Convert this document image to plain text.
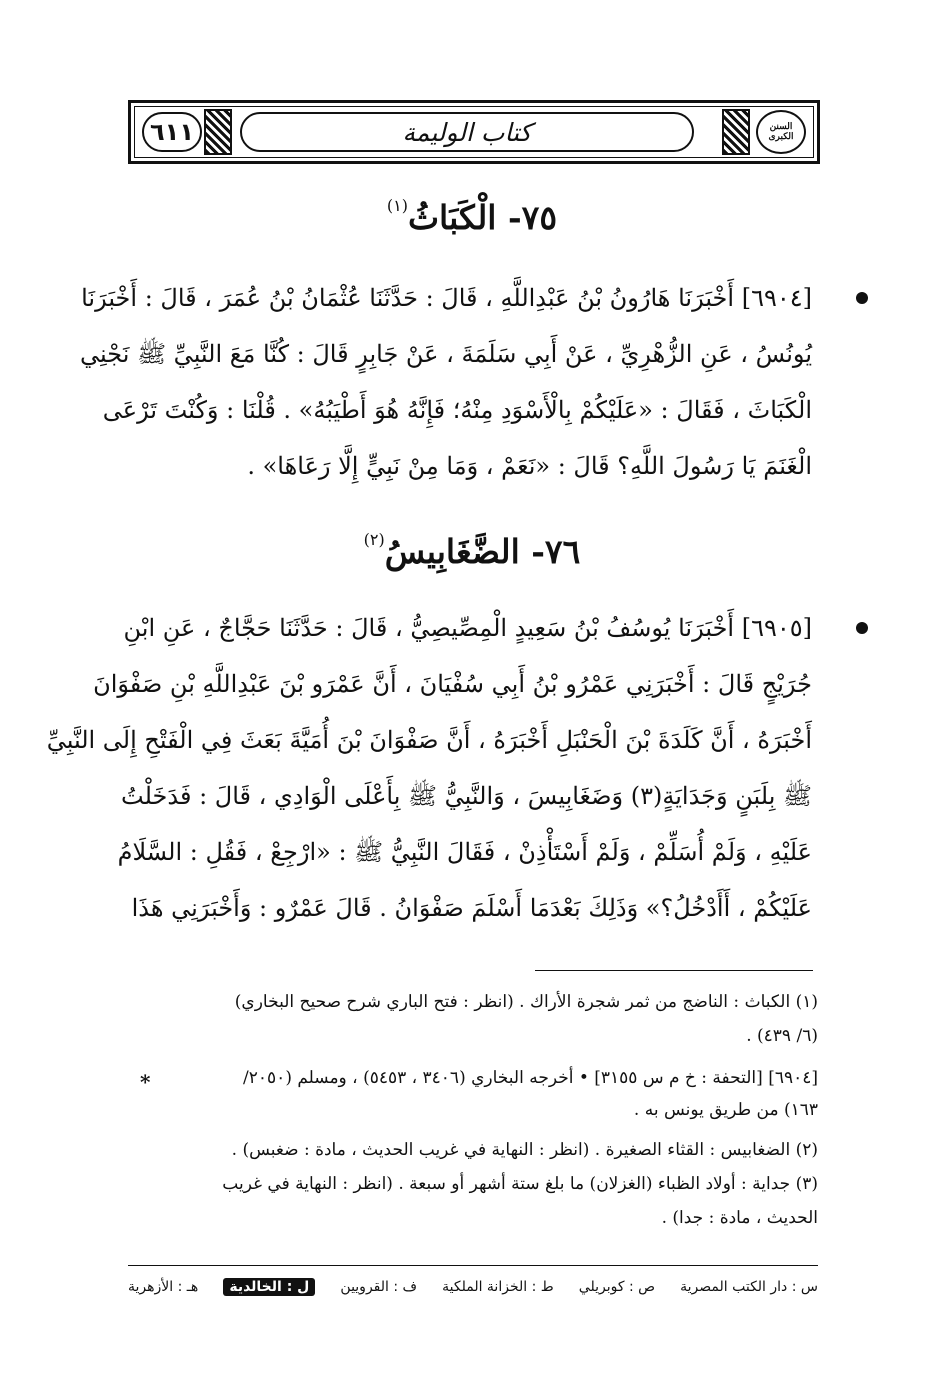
السنن الكبرى
كتاب الوليمة
٦١١
٧٥- الْكَبَاثُ$^{(١)}$
[٦٩٠٤] أَخْبَرَنَا هَارُونُ بْنُ عَبْدِاللَّهِ ، قَالَ : حَدَّثَنَا عُثْمَانُ بْنُ عُمَرَ ، قَالَ : أَخْبَرَنَا
يُونُسُ ، عَنِ الزُّهْرِيِّ ، عَنْ أَبِي سَلَمَةَ ، عَنْ جَابِرٍ قَالَ : كُنَّا مَعَ النَّبِيِّ ﷺ نَجْنِي
الْكَبَاثَ ، فَقَالَ : «عَلَيْكُمْ بِالْأَسْوَدِ مِنْهُ؛ فَإِنَّهُ هُوَ أَطْيَبُهُ» . قُلْنَا : وَكُنْتَ تَرْعَى
الْغَنَمَ يَا رَسُولَ اللَّهِ؟ قَالَ : «نَعَمْ ، وَمَا مِنْ نَبِيٍّ إِلَّا رَعَاهَا» .
٧٦- الضَّغَابِيسُ$^{(٢)}$
[٦٩٠٥] أَخْبَرَنَا يُوسُفُ بْنُ سَعِيدٍ الْمِصِّيصِيُّ ، قَالَ : حَدَّثَنَا حَجَّاجٌ ، عَنِ ابْنِ
جُرَيْجٍ قَالَ : أَخْبَرَنِي عَمْرُو بْنُ أَبِي سُفْيَانَ ، أَنَّ عَمْرَو بْنَ عَبْدِاللَّهِ بْنِ صَفْوَانَ
أَخْبَرَهُ ، أَنَّ كَلَدَةَ بْنَ الْحَنْبَلِ أَخْبَرَهُ ، أَنَّ صَفْوَانَ بْنَ أُمَيَّةَ بَعَثَ فِي الْفَتْحِ إِلَى النَّبِيِّ
ﷺ بِلَبَنٍ وَجَدَايَةٍ(٣) وَضَغَابِيسَ ، وَالنَّبِيُّ ﷺ بِأَعْلَى الْوَادِي ، قَالَ : فَدَخَلْتُ
عَلَيْهِ ، وَلَمْ أُسَلِّمْ ، وَلَمْ أَسْتَأْذِنْ ، فَقَالَ النَّبِيُّ ﷺ : «ارْجِعْ ، فَقُلِ : السَّلَامُ
عَلَيْكُمْ ، أَأَدْخُلُ؟» وَذَلِكَ بَعْدَمَا أَسْلَمَ صَفْوَانُ . قَالَ عَمْرٌو : وَأَخْبَرَنِي هَذَا
(١) الكباث : الناضج من ثمر شجرة الأراك . (انظر : فتح الباري شرح صحيح البخاري)
(٦/ ٤٣٩) .
[٦٩٠٤] [التحفة : خ م س ٣١٥٥] • أخرجه البخاري (٣٤٠٦ ، ٥٤٥٣) ، ومسلم (٢٠٥٠/
١٦٣) من طريق يونس به .
(٢) الضغابيس : القثاء الصغيرة . (انظر : النهاية في غريب الحديث ، مادة : ضغبس) .
(٣) جداية : أولاد الظباء (الغزلان) ما بلغ ستة أشهر أو سبعة . (انظر : النهاية في غريب
الحديث ، مادة : جدا) .
*
س : دار الكتب المصرية
ص : كوبريلي
ط : الخزانة الملكية
ف : القرويين
ل : الخالدية
هـ : الأزهرية
